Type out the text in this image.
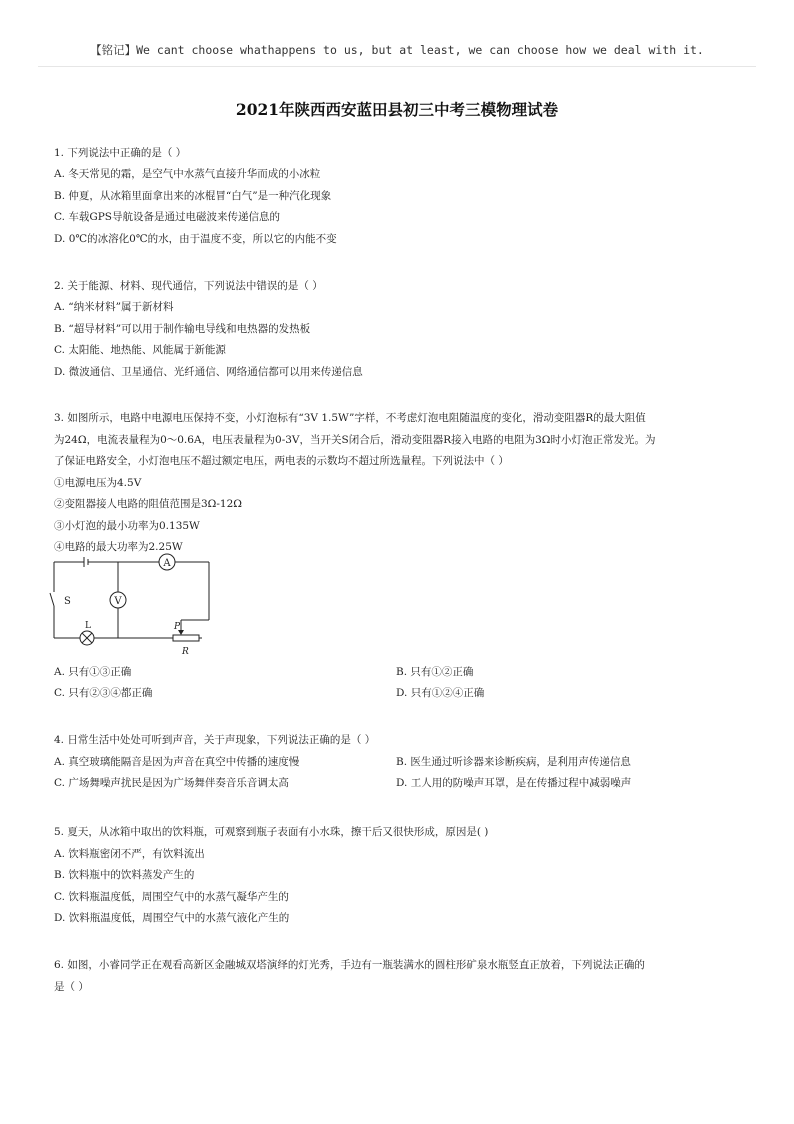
【铭记】We cant choose whathappens to us, but at least, we can choose how we deal with it.
2021年陕西西安蓝田县初三中考三模物理试卷
1. 下列说法中正确的是（ ）
A. 冬天常见的霜，是空气中水蒸气直接升华而成的小冰粒
B. 仲夏，从冰箱里面拿出来的冰棍冒“白气”是一种汽化现象
C. 车载GPS导航设备是通过电磁波来传递信息的
D. 0℃的冰溶化0℃的水，由于温度不变，所以它的内能不变
2. 关于能源、材料、现代通信，下列说法中错误的是（ ）
A. “纳米材料”属于新材料
B. “超导材料”可以用于制作输电导线和电热器的发热板
C. 太阳能、地热能、风能属于新能源
D. 微波通信、卫星通信、光纤通信、网络通信都可以用来传递信息
3. 如图所示，电路中电源电压保持不变，小灯泡标有“3V 1.5W”字样，不考虑灯泡电阻随温度的变化，滑动变阻器R的最大阻值
为24Ω，电流表量程为0～0.6A，电压表量程为0-3V，当开关S闭合后，滑动变阻器R接入电路的电阻为3Ω时小灯泡正常发光。为
了保证电路安全，小灯泡电压不超过额定电压，两电表的示数均不超过所选量程。下列说法中（ ）
①电源电压为4.5V
②变阻器接人电路的阻值范围是3Ω-12Ω
③小灯泡的最小功率为0.135W
④电路的最大功率为2.25W
A
V
S
L	P
R
A. 只有①③正确	B. 只有①②正确
C. 只有②③④都正确	D. 只有①②④正确
4. 日常生活中处处可听到声音，关于声现象，下列说法正确的是（ ）
A. 真空玻璃能隔音是因为声音在真空中传播的速度慢	B. 医生通过听诊器来诊断疾病，是利用声传递信息
C. 广场舞噪声扰民是因为广场舞伴奏音乐音调太高	D. 工人用的防噪声耳罩，是在传播过程中减弱噪声
5. 夏天，从冰箱中取出的饮料瓶，可观察到瓶子表面有小水珠，擦干后又很快形成，原因是( )
A. 饮料瓶密闭不严，有饮料流出
B. 饮料瓶中的饮料蒸发产生的
C. 饮料瓶温度低，周围空气中的水蒸气凝华产生的
D. 饮料瓶温度低，周围空气中的水蒸气液化产生的
6. 如图，小睿同学正在观看高新区金融城双塔演绎的灯光秀，手边有一瓶装满水的圆柱形矿泉水瓶竖直正放着，下列说法正确的
是（ ）
